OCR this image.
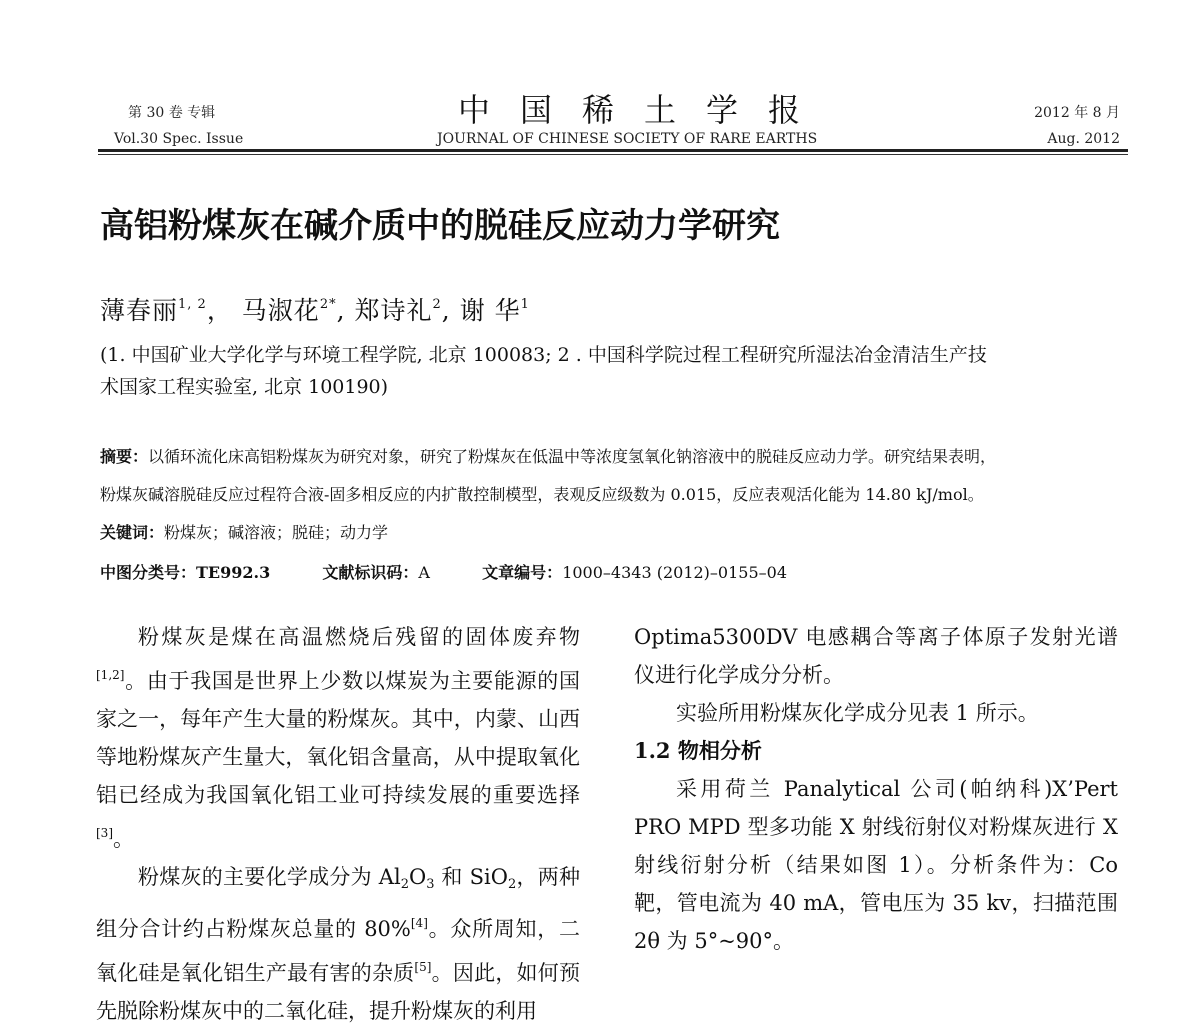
第 30 卷 专辑
Vol.30 Spec. Issue
中国稀土学报
JOURNAL OF CHINESE SOCIETY OF RARE EARTHS
2012 年 8 月
Aug. 2012
高铝粉煤灰在碱介质中的脱硅反应动力学研究
薄春丽$^{1, 2}$， 马淑花$^{2*}$, 郑诗礼$^2$, 谢 华$^1$
(1. 中国矿业大学化学与环境工程学院, 北京 100083; 2 . 中国科学院过程工程研究所湿法冶金清洁生产技
术国家工程实验室, 北京 100190)
摘要：以循环流化床高铝粉煤灰为研究对象，研究了粉煤灰在低温中等浓度氢氧化钠溶液中的脱硅反应动力学。研究结果表明，
粉煤灰碱溶脱硅反应过程符合液-固多相反应的内扩散控制模型，表观反应级数为 0.015，反应表观活化能为 14.80 kJ/mol。
关键词：粉煤灰；碱溶液；脱硅；动力学
中图分类号：TE992.3	文献标识码：A	文章编号：1000–4343 (2012)–0155–04

粉煤灰是煤在高温燃烧后残留的固体废弃物[1,2]。由于我国是世界上少数以煤炭为主要能源的国家之一，每年产生大量的粉煤灰。其中，内蒙、山西等地粉煤灰产生量大，氧化铝含量高，从中提取氧化铝已经成为我国氧化铝工业可持续发展的重要选择[3]。

粉煤灰的主要化学成分为 $Al_2O_3$ 和 SiO$_2$，两种组分合计约占粉煤灰总量的 80%[4]。众所周知，二氧化硅是氧化铝生产最有害的杂质[5]。因此，如何预先脱除粉煤灰中的二氧化硅，提升粉煤灰的利用

Optima5300DV 电感耦合等离子体原子发射光谱仪进行化学成分分析。

实验所用粉煤灰化学成分见表 1 所示。

1.2 物相分析

采用荷兰 Panalytical 公司(帕纳科)X’Pert PRO MPD 型多功能 X 射线衍射仪对粉煤灰进行 X 射线衍射分析（结果如图 1）。分析条件为：Co 靶，管电流为 40 mA，管电压为 35 kv，扫描范围 2θ 为 5°~90°。
